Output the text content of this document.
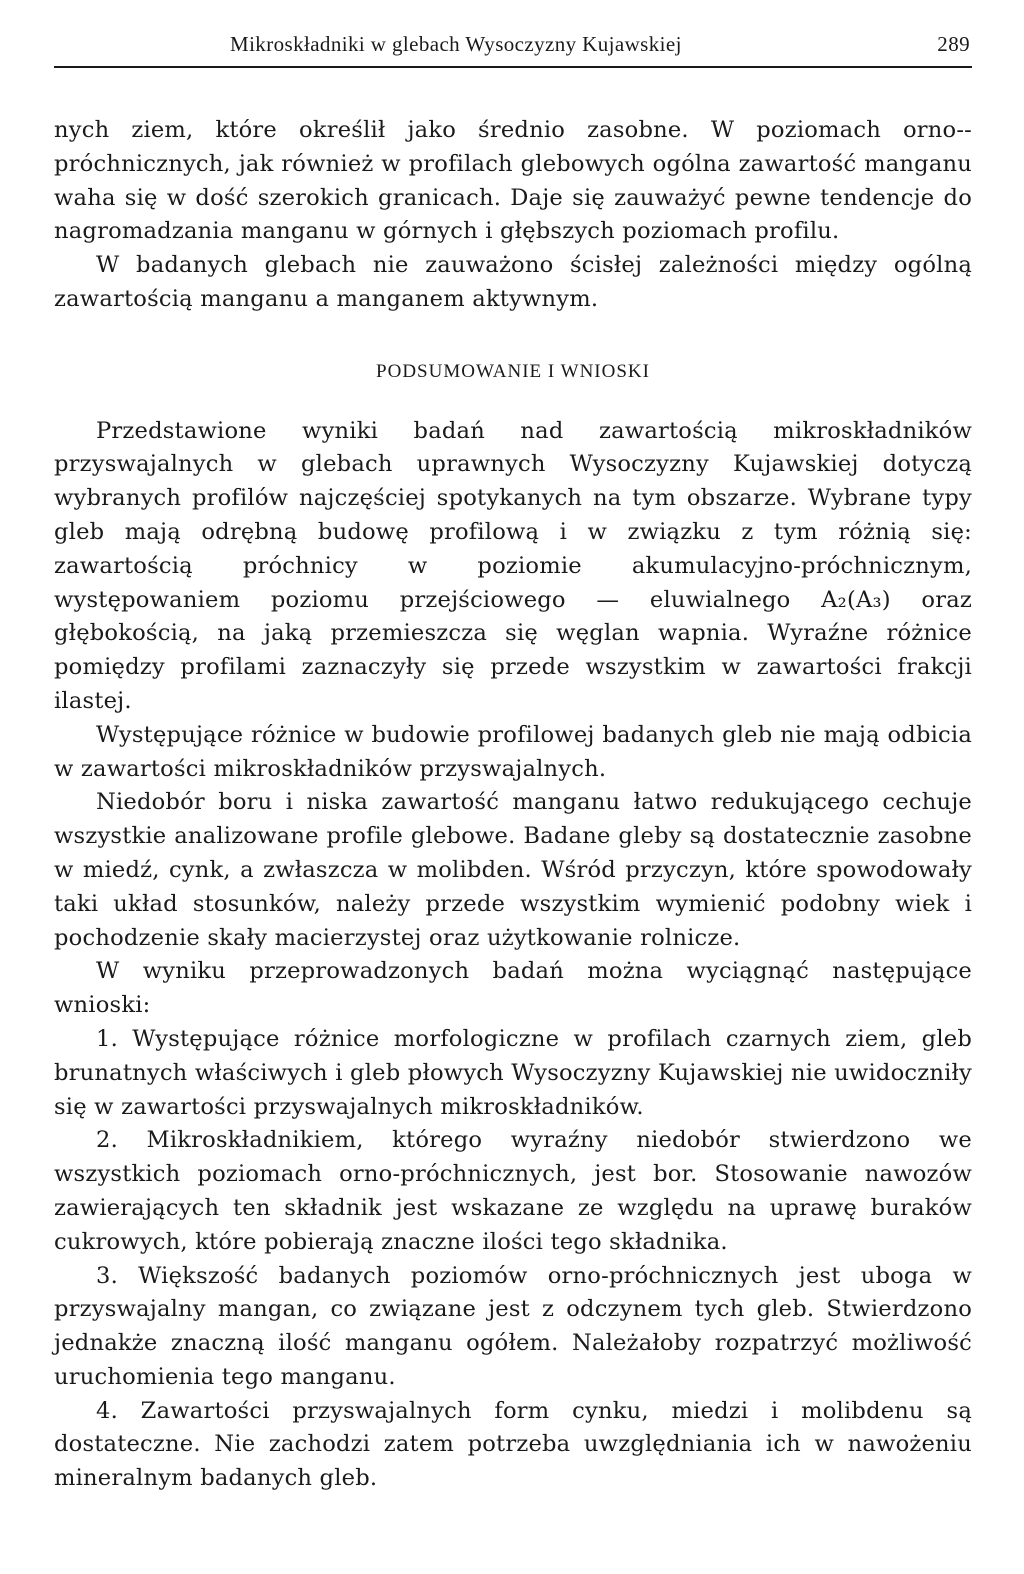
Mikroskładniki w glebach Wysoczyzny Kujawskiej	289

nych ziem, które określił jako średnio zasobne. W poziomach orno--próchnicznych, jak również w profilach glebowych ogólna zawartość manganu waha się w dość szerokich granicach. Daje się zauważyć pewne tendencje do nagromadzania manganu w górnych i głębszych poziomach profilu.

W badanych glebach nie zauważono ścisłej zależności między ogólną zawartością manganu a manganem aktywnym.

PODSUMOWANIE I WNIOSKI

Przedstawione wyniki badań nad zawartością mikroskładników przyswajalnych w glebach uprawnych Wysoczyzny Kujawskiej dotyczą wybranych profilów najczęściej spotykanych na tym obszarze. Wybrane typy gleb mają odrębną budowę profilową i w związku z tym różnią się: zawartością próchnicy w poziomie akumulacyjno-próchnicznym, występowaniem poziomu przejściowego — eluwialnego A₂(A₃) oraz głębokością, na jaką przemieszcza się węglan wapnia. Wyraźne różnice pomiędzy profilami zaznaczyły się przede wszystkim w zawartości frakcji ilastej.

Występujące różnice w budowie profilowej badanych gleb nie mają odbicia w zawartości mikroskładników przyswajalnych.

Niedobór boru i niska zawartość manganu łatwo redukującego cechuje wszystkie analizowane profile glebowe. Badane gleby są dostatecznie zasobne w miedź, cynk, a zwłaszcza w molibden. Wśród przyczyn, które spowodowały taki układ stosunków, należy przede wszystkim wymienić podobny wiek i pochodzenie skały macierzystej oraz użytkowanie rolnicze.

W wyniku przeprowadzonych badań można wyciągnąć następujące wnioski:

1. Występujące różnice morfologiczne w profilach czarnych ziem, gleb brunatnych właściwych i gleb płowych Wysoczyzny Kujawskiej nie uwidoczniły się w zawartości przyswajalnych mikroskładników.

2. Mikroskładnikiem, którego wyraźny niedobór stwierdzono we wszystkich poziomach orno-próchnicznych, jest bor. Stosowanie nawozów zawierających ten składnik jest wskazane ze względu na uprawę buraków cukrowych, które pobierają znaczne ilości tego składnika.

3. Większość badanych poziomów orno-próchnicznych jest uboga w przyswajalny mangan, co związane jest z odczynem tych gleb. Stwierdzono jednakże znaczną ilość manganu ogółem. Należałoby rozpatrzyć możliwość uruchomienia tego manganu.

4. Zawartości przyswajalnych form cynku, miedzi i molibdenu są dostateczne. Nie zachodzi zatem potrzeba uwzględniania ich w nawożeniu mineralnym badanych gleb.
